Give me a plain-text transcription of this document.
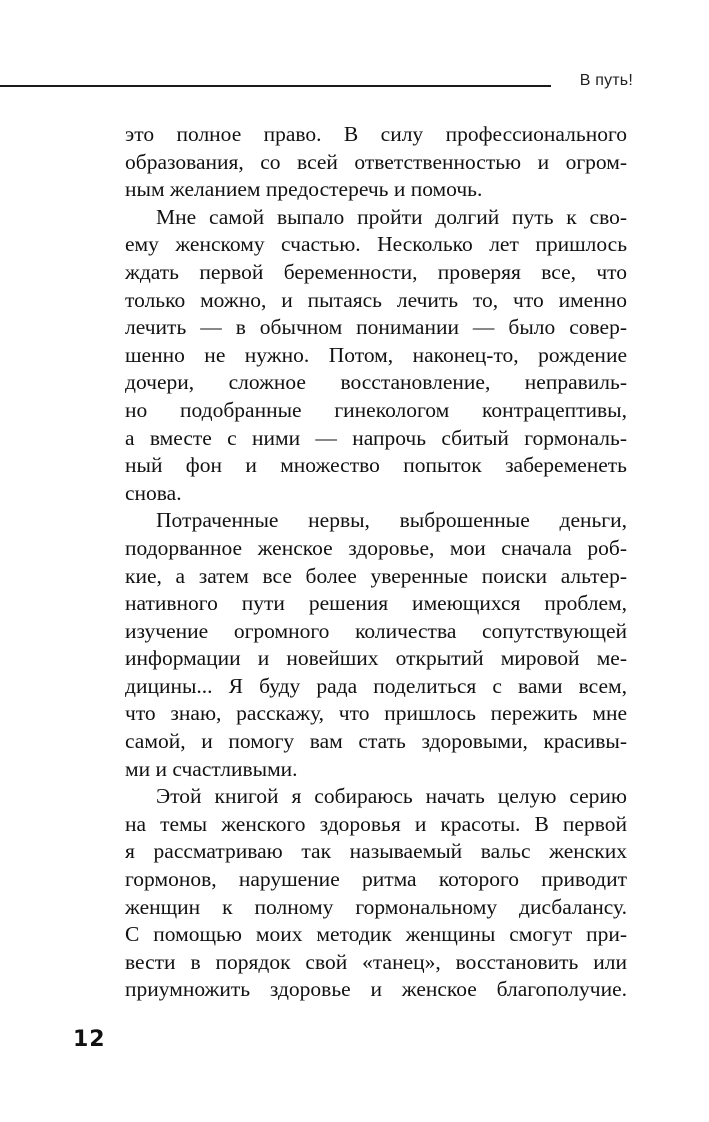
В путь!
это полное право. В силу профессионального
образования, со всей ответственностью и огром-
ным желанием предостеречь и помочь.
Мне самой выпало пройти долгий путь к сво-
ему женскому счастью. Несколько лет пришлось
ждать первой беременности, проверяя все, что
только можно, и пытаясь лечить то, что именно
лечить — в обычном понимании — было совер-
шенно не нужно. Потом, наконец-то, рождение
дочери, сложное восстановление, неправиль-
но подобранные гинекологом контрацептивы,
а вместе с ними — напрочь сбитый гормональ-
ный фон и множество попыток забеременеть
снова.
Потраченные нервы, выброшенные деньги,
подорванное женское здоровье, мои сначала роб-
кие, а затем все более уверенные поиски альтер-
нативного пути решения имеющихся проблем,
изучение огромного количества сопутствующей
информации и новейших открытий мировой ме-
дицины... Я буду рада поделиться с вами всем,
что знаю, расскажу, что пришлось пережить мне
самой, и помогу вам стать здоровыми, красивы-
ми и счастливыми.
Этой книгой я собираюсь начать целую серию
на темы женского здоровья и красоты. В первой
я рассматриваю так называемый вальс женских
гормонов, нарушение ритма которого приводит
женщин к полному гормональному дисбалансу.
С помощью моих методик женщины смогут при-
вести в порядок свой «танец», восстановить или
приумножить здоровье и женское благополучие.
12
